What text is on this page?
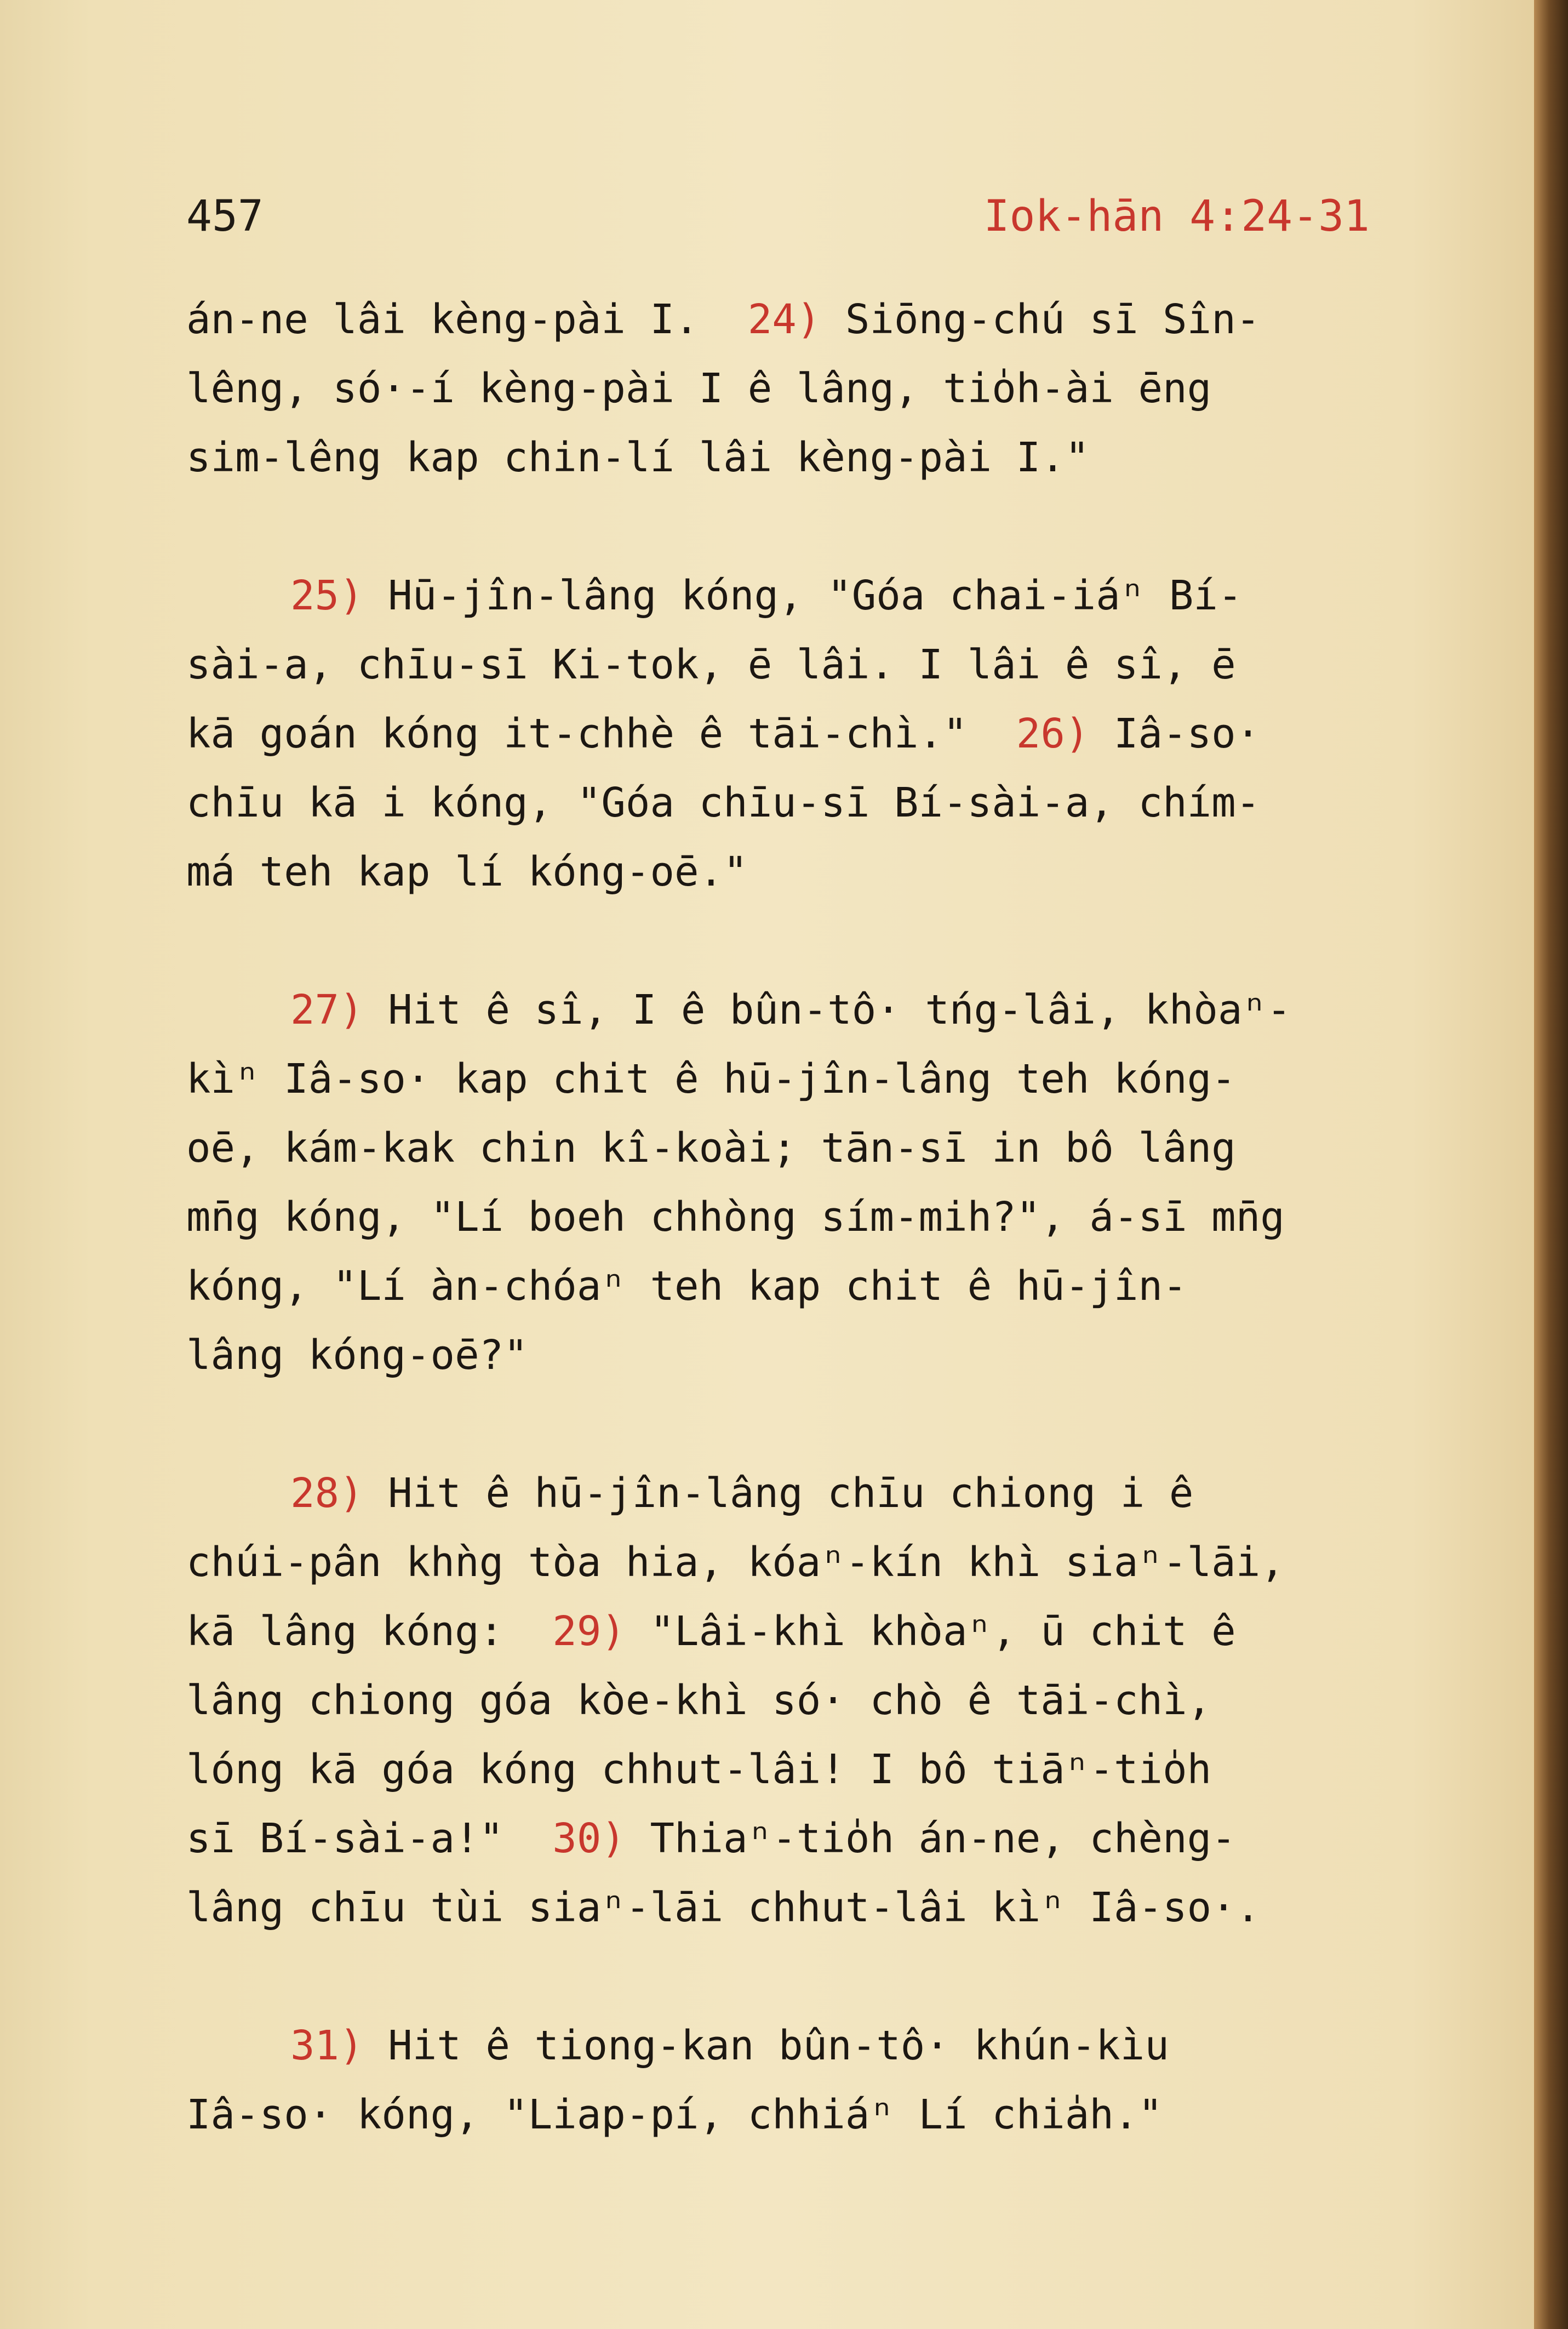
457	Iok-hān 4:24-31
án-ne lâi kèng-pài I.  24) Siōng-chú sī Sîn-
lêng, só·-í kèng-pài I ê lâng, tio̍h-ài ēng
sim-lêng kap chin-lí lâi kèng-pài I."
25) Hū-jîn-lâng kóng, "Góa chai-iáⁿ Bí-
sài-a, chīu-sī Ki-tok, ē lâi. I lâi ê sî, ē
kā goán kóng it-chhè ê tāi-chì."  26) Iâ-so·
chīu kā i kóng, "Góa chīu-sī Bí-sài-a, chím-
má teh kap lí kóng-oē."
27) Hit ê sî, I ê bûn-tô· tńg-lâi, khòaⁿ-
kìⁿ Iâ-so· kap chit ê hū-jîn-lâng teh kóng-
oē, kám-kak chin kî-koài; tān-sī in bô lâng
mn̄g kóng, "Lí boeh chhòng sím-mih?", á-sī mn̄g
kóng, "Lí àn-chóaⁿ teh kap chit ê hū-jîn-
lâng kóng-oē?"
28) Hit ê hū-jîn-lâng chīu chiong i ê
chúi-pân khǹg tòa hia, kóaⁿ-kín khì siaⁿ-lāi,
kā lâng kóng:  29) "Lâi-khì khòaⁿ, ū chit ê
lâng chiong góa kòe-khì só· chò ê tāi-chì,
lóng kā góa kóng chhut-lâi! I bô tiāⁿ-tio̍h
sī Bí-sài-a!"  30) Thiaⁿ-tio̍h án-ne, chèng-
lâng chīu tùi siaⁿ-lāi chhut-lâi kìⁿ Iâ-so·.
31) Hit ê tiong-kan bûn-tô· khún-kìu
Iâ-so· kóng, "Liap-pí, chhiáⁿ Lí chia̍h."
